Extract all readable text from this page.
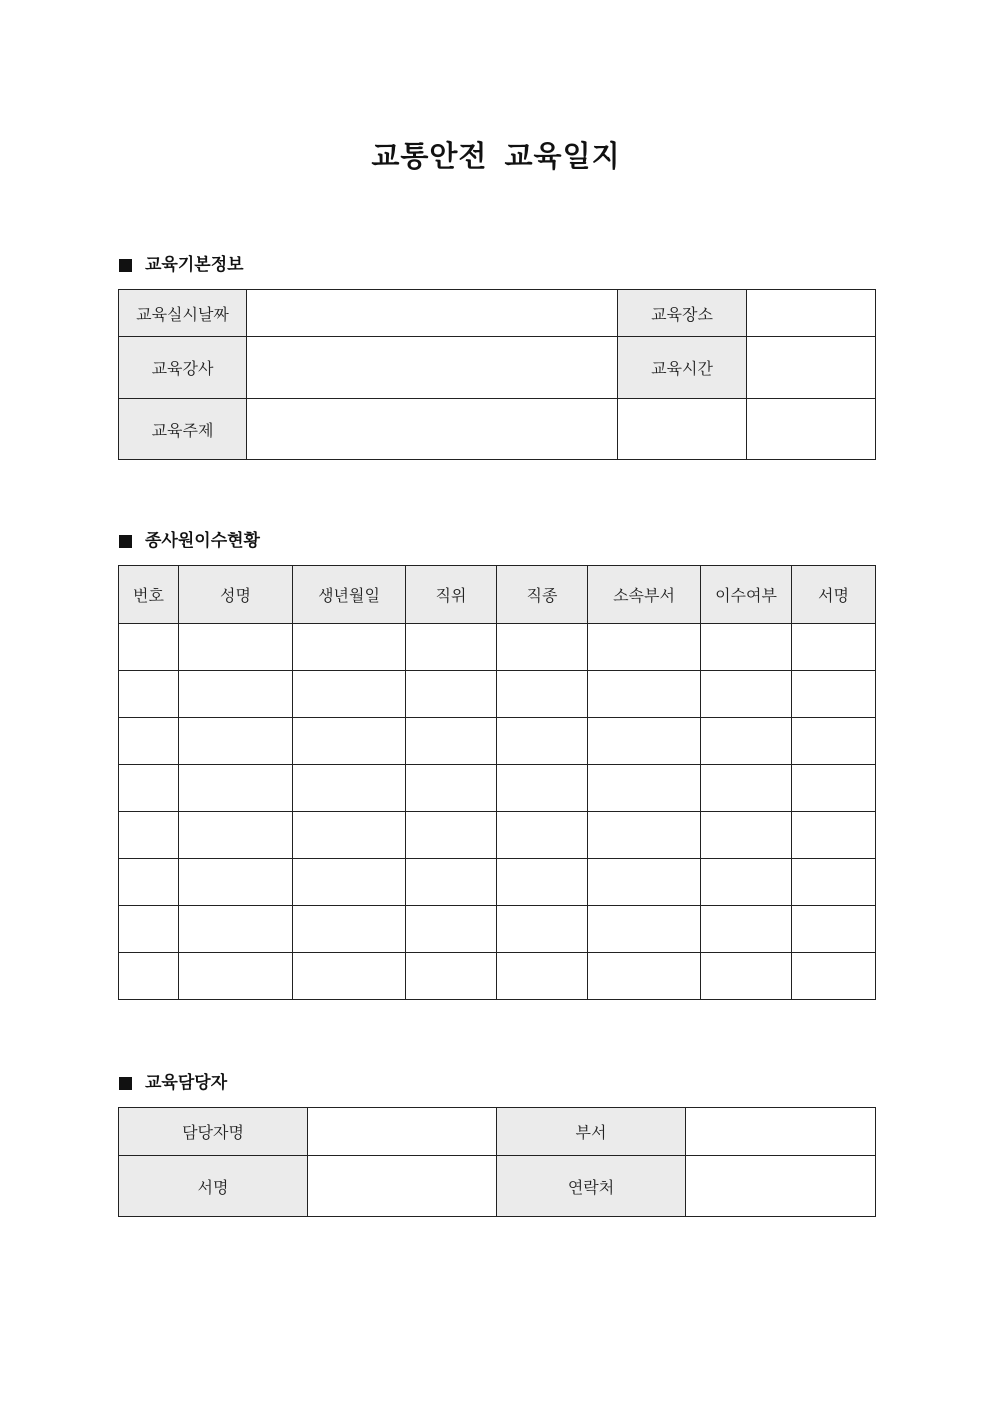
교통안전 교육일지
교육기본정보
교육실시날짜		교육장소	
교육강사		교육시간	
교육주제			
종사원이수현황
번호	성명	생년월일	직위	직종	소속부서	이수여부	서명

교육담당자
담당자명		부서	
서명		연락처	
